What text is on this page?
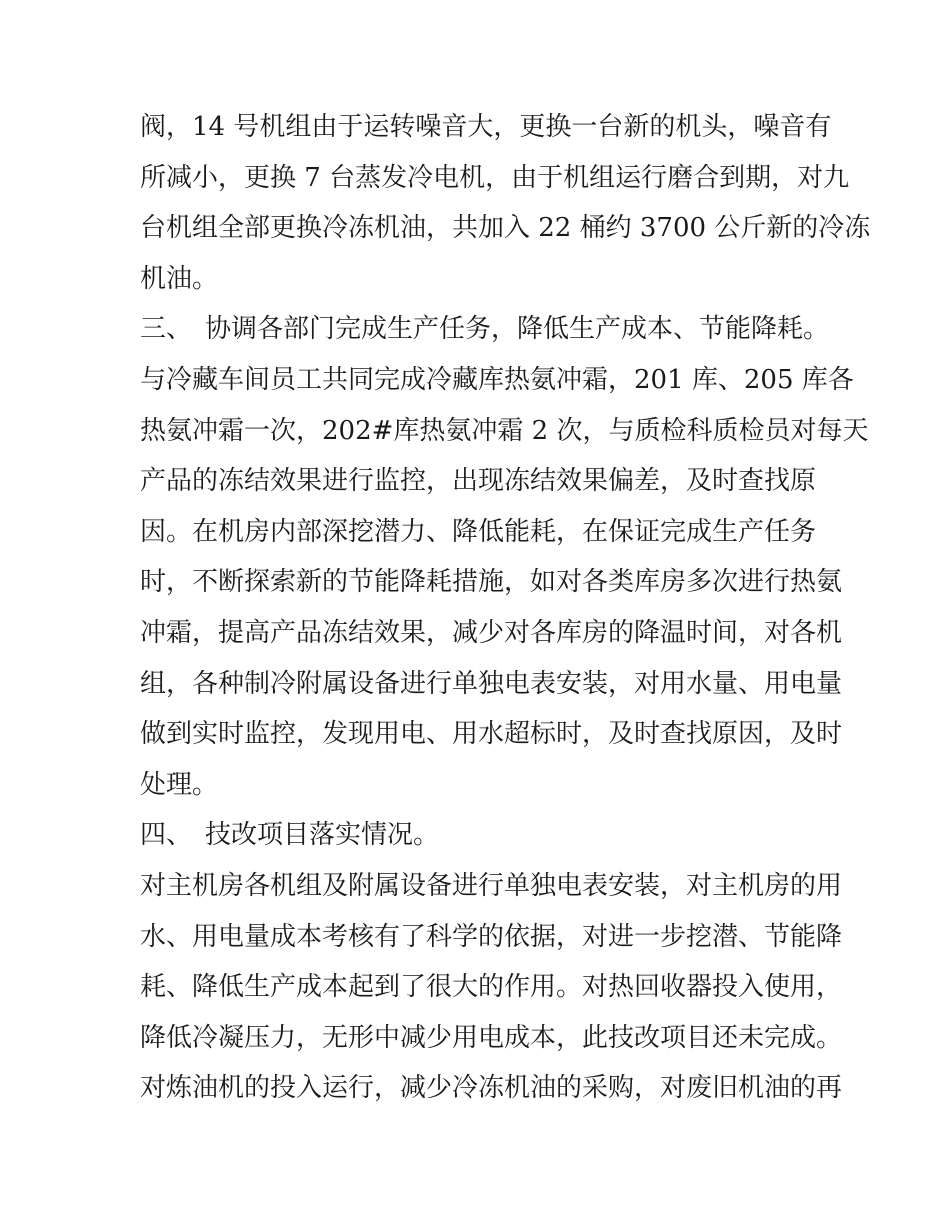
阀，14 号机组由于运转噪音大，更换一台新的机头，噪音有
所减小，更换 7 台蒸发冷电机，由于机组运行磨合到期，对九
台机组全部更换冷冻机油，共加入 22 桶约 3700 公斤新的冷冻
机油。
三、 协调各部门完成生产任务，降低生产成本、节能降耗。
与冷藏车间员工共同完成冷藏库热氨冲霜，201 库、205 库各
热氨冲霜一次，202#库热氨冲霜 2 次，与质检科质检员对每天
产品的冻结效果进行监控，出现冻结效果偏差，及时查找原
因。在机房内部深挖潜力、降低能耗，在保证完成生产任务
时，不断探索新的节能降耗措施，如对各类库房多次进行热氨
冲霜，提高产品冻结效果，减少对各库房的降温时间，对各机
组，各种制冷附属设备进行单独电表安装，对用水量、用电量
做到实时监控，发现用电、用水超标时，及时查找原因，及时
处理。
四、 技改项目落实情况。
对主机房各机组及附属设备进行单独电表安装，对主机房的用
水、用电量成本考核有了科学的依据，对进一步挖潜、节能降
耗、降低生产成本起到了很大的作用。对热回收器投入使用，
降低冷凝压力，无形中减少用电成本，此技改项目还未完成。
对炼油机的投入运行，减少冷冻机油的采购，对废旧机油的再
